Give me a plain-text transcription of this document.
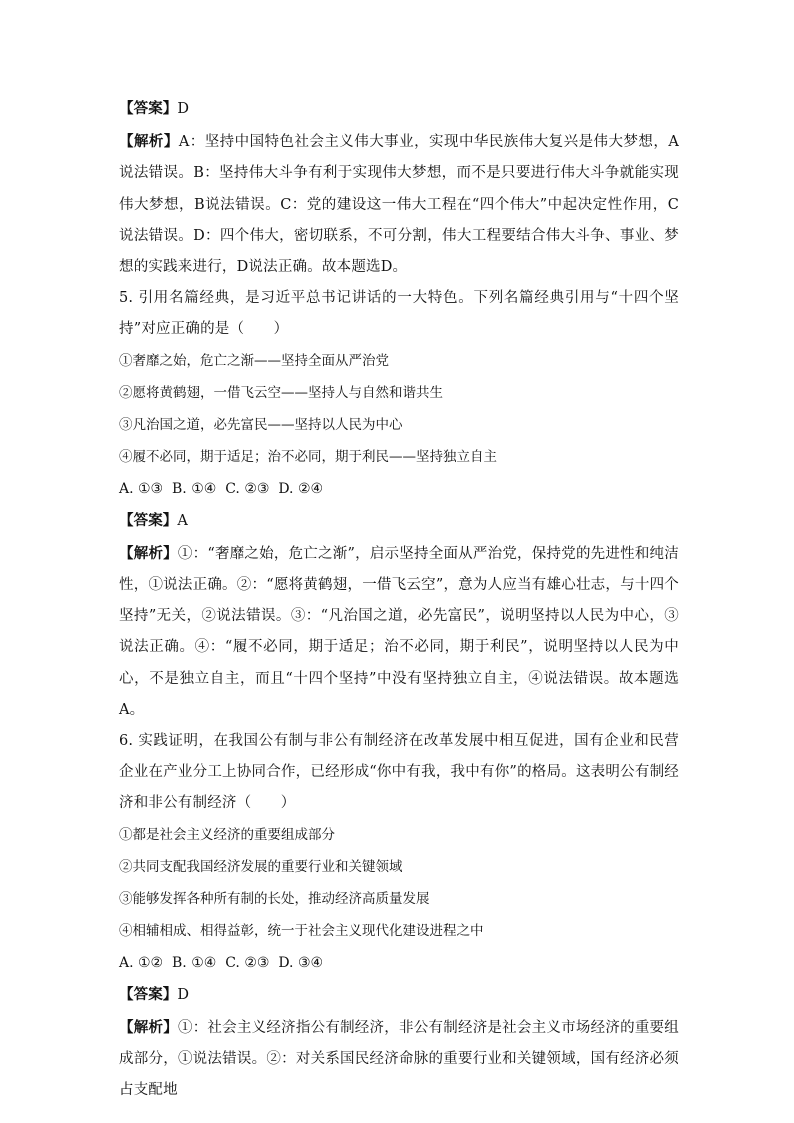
【答案】D

【解析】A：坚持中国特色社会主义伟大事业，实现中华民族伟大复兴是伟大梦想，A说法错误。B：坚持伟大斗争有利于实现伟大梦想，而不是只要进行伟大斗争就能实现伟大梦想，B说法错误。C：党的建设这一伟大工程在“四个伟大”中起决定性作用，C说法错误。D：四个伟大，密切联系，不可分割，伟大工程要结合伟大斗争、事业、梦想的实践来进行，D说法正确。故本题选D。

5. 引用名篇经典，是习近平总书记讲话的一大特色。下列名篇经典引用与“十四个坚持”对应正确的是（　　）

①奢靡之始，危亡之渐——坚持全面从严治党

②愿将黄鹤翅，一借飞云空——坚持人与自然和谐共生

③凡治国之道，必先富民——坚持以人民为中心

④履不必同，期于适足；治不必同，期于利民——坚持独立自主

A. ①③  B. ①④  C. ②③  D. ②④

【答案】A

【解析】①：“奢靡之始，危亡之渐”，启示坚持全面从严治党，保持党的先进性和纯洁性，①说法正确。②：“愿将黄鹤翅，一借飞云空”，意为人应当有雄心壮志，与十四个坚持”无关，②说法错误。③：“凡治国之道，必先富民”，说明坚持以人民为中心，③说法正确。④：“履不必同，期于适足；治不必同，期于利民”，说明坚持以人民为中心，不是独立自主，而且“十四个坚持”中没有坚持独立自主，④说法错误。故本题选A。

6. 实践证明，在我国公有制与非公有制经济在改革发展中相互促进，国有企业和民营企业在产业分工上协同合作，已经形成“你中有我，我中有你”的格局。这表明公有制经济和非公有制经济（　　）

①都是社会主义经济的重要组成部分

②共同支配我国经济发展的重要行业和关键领域

③能够发挥各种所有制的长处，推动经济高质量发展

④相辅相成、相得益彰，统一于社会主义现代化建设进程之中

A. ①②  B. ①④  C. ②③  D. ③④

【答案】D

【解析】①：社会主义经济指公有制经济，非公有制经济是社会主义市场经济的重要组成部分，①说法错误。②：对关系国民经济命脉的重要行业和关键领域，国有经济必须占支配地
